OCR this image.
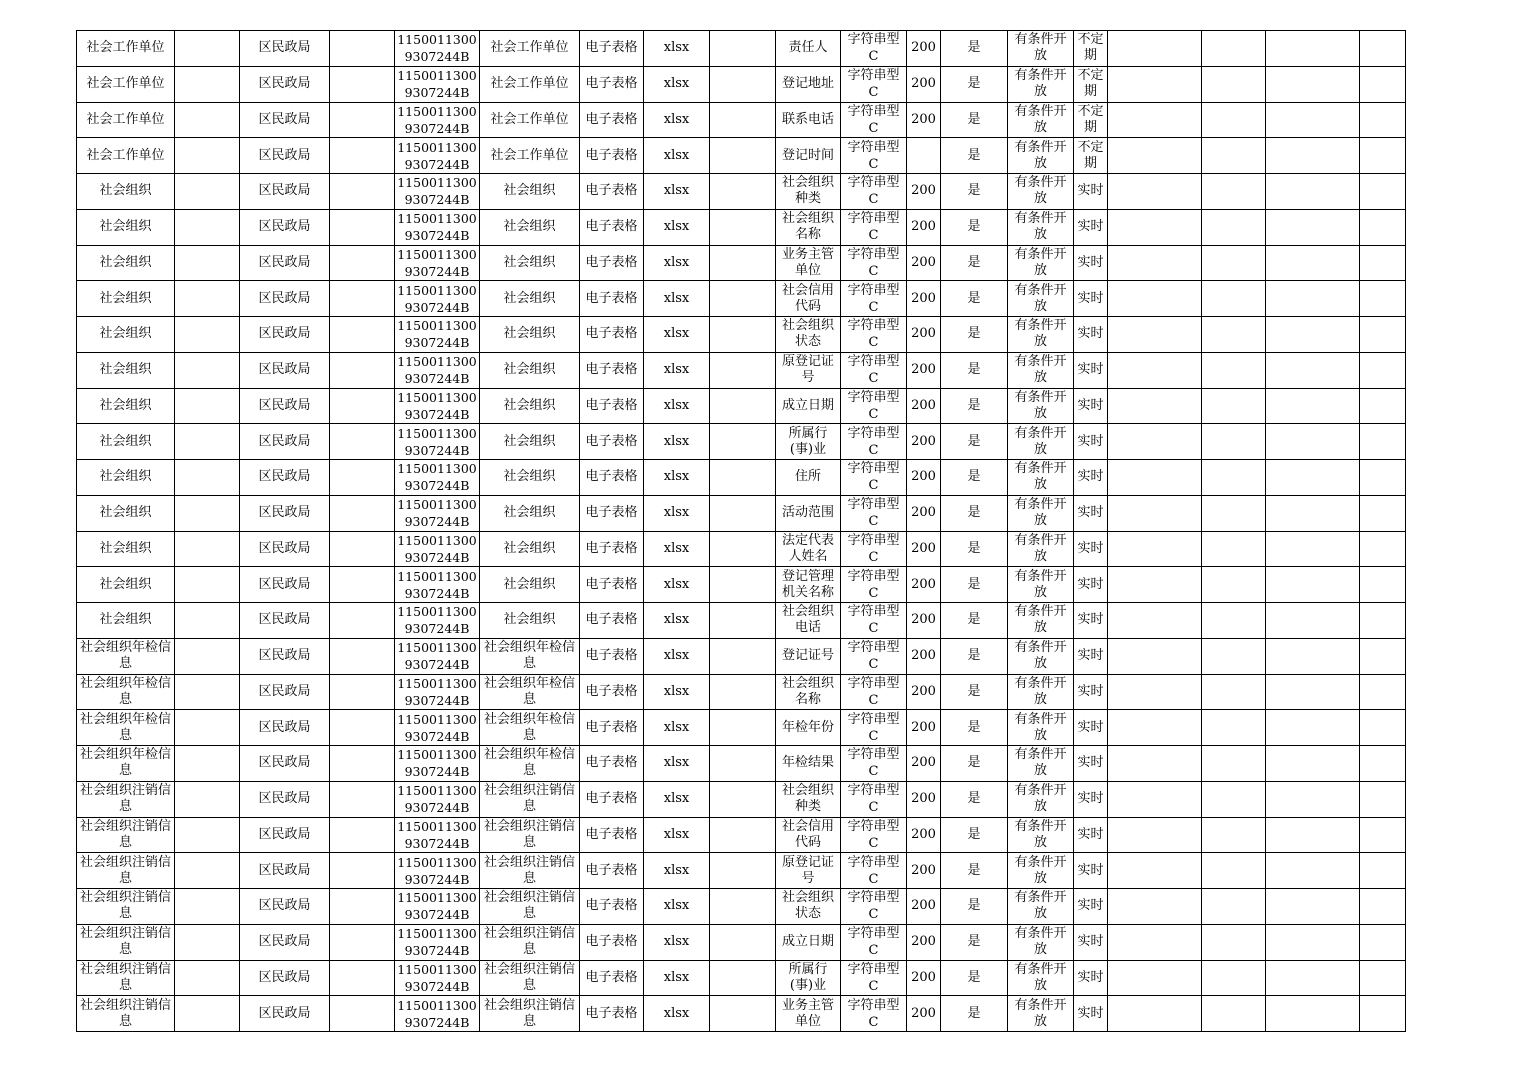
社会工作单位		区民政局		11500113009307244B	社会工作单位	电子表格	xlsx		责任人	字符串型C	200	是	有条件开放	不定期				

社会工作单位		区民政局		11500113009307244B	社会工作单位	电子表格	xlsx		登记地址	字符串型C	200	是	有条件开放	不定期				

社会工作单位		区民政局		11500113009307244B	社会工作单位	电子表格	xlsx		联系电话	字符串型C	200	是	有条件开放	不定期				

社会工作单位		区民政局		11500113009307244B	社会工作单位	电子表格	xlsx		登记时间	字符串型C		是	有条件开放	不定期				

社会组织		区民政局		11500113009307244B	社会组织	电子表格	xlsx		社会组织种类	字符串型C	200	是	有条件开放	实时				

社会组织		区民政局		11500113009307244B	社会组织	电子表格	xlsx		社会组织名称	字符串型C	200	是	有条件开放	实时				

社会组织		区民政局		11500113009307244B	社会组织	电子表格	xlsx		业务主管单位	字符串型C	200	是	有条件开放	实时				

社会组织		区民政局		11500113009307244B	社会组织	电子表格	xlsx		社会信用代码	字符串型C	200	是	有条件开放	实时				

社会组织		区民政局		11500113009307244B	社会组织	电子表格	xlsx		社会组织状态	字符串型C	200	是	有条件开放	实时				

社会组织		区民政局		11500113009307244B	社会组织	电子表格	xlsx		原登记证号	字符串型C	200	是	有条件开放	实时				

社会组织		区民政局		11500113009307244B	社会组织	电子表格	xlsx		成立日期	字符串型C	200	是	有条件开放	实时				

社会组织		区民政局		11500113009307244B	社会组织	电子表格	xlsx		所属行(事)业	字符串型C	200	是	有条件开放	实时				

社会组织		区民政局		11500113009307244B	社会组织	电子表格	xlsx		住所	字符串型C	200	是	有条件开放	实时				

社会组织		区民政局		11500113009307244B	社会组织	电子表格	xlsx		活动范围	字符串型C	200	是	有条件开放	实时				

社会组织		区民政局		11500113009307244B	社会组织	电子表格	xlsx		法定代表人姓名	字符串型C	200	是	有条件开放	实时				

社会组织		区民政局		11500113009307244B	社会组织	电子表格	xlsx		登记管理机关名称	字符串型C	200	是	有条件开放	实时				

社会组织		区民政局		11500113009307244B	社会组织	电子表格	xlsx		社会组织电话	字符串型C	200	是	有条件开放	实时				

社会组织年检信息		区民政局		11500113009307244B	社会组织年检信息	电子表格	xlsx		登记证号	字符串型C	200	是	有条件开放	实时				

社会组织年检信息		区民政局		11500113009307244B	社会组织年检信息	电子表格	xlsx		社会组织名称	字符串型C	200	是	有条件开放	实时				

社会组织年检信息		区民政局		11500113009307244B	社会组织年检信息	电子表格	xlsx		年检年份	字符串型C	200	是	有条件开放	实时				

社会组织年检信息		区民政局		11500113009307244B	社会组织年检信息	电子表格	xlsx		年检结果	字符串型C	200	是	有条件开放	实时				

社会组织注销信息		区民政局		11500113009307244B	社会组织注销信息	电子表格	xlsx		社会组织种类	字符串型C	200	是	有条件开放	实时				

社会组织注销信息		区民政局		11500113009307244B	社会组织注销信息	电子表格	xlsx		社会信用代码	字符串型C	200	是	有条件开放	实时				

社会组织注销信息		区民政局		11500113009307244B	社会组织注销信息	电子表格	xlsx		原登记证号	字符串型C	200	是	有条件开放	实时				

社会组织注销信息		区民政局		11500113009307244B	社会组织注销信息	电子表格	xlsx		社会组织状态	字符串型C	200	是	有条件开放	实时				

社会组织注销信息		区民政局		11500113009307244B	社会组织注销信息	电子表格	xlsx		成立日期	字符串型C	200	是	有条件开放	实时				

社会组织注销信息		区民政局		11500113009307244B	社会组织注销信息	电子表格	xlsx		所属行(事)业	字符串型C	200	是	有条件开放	实时				

社会组织注销信息		区民政局		11500113009307244B	社会组织注销信息	电子表格	xlsx		业务主管单位	字符串型C	200	是	有条件开放	实时				
